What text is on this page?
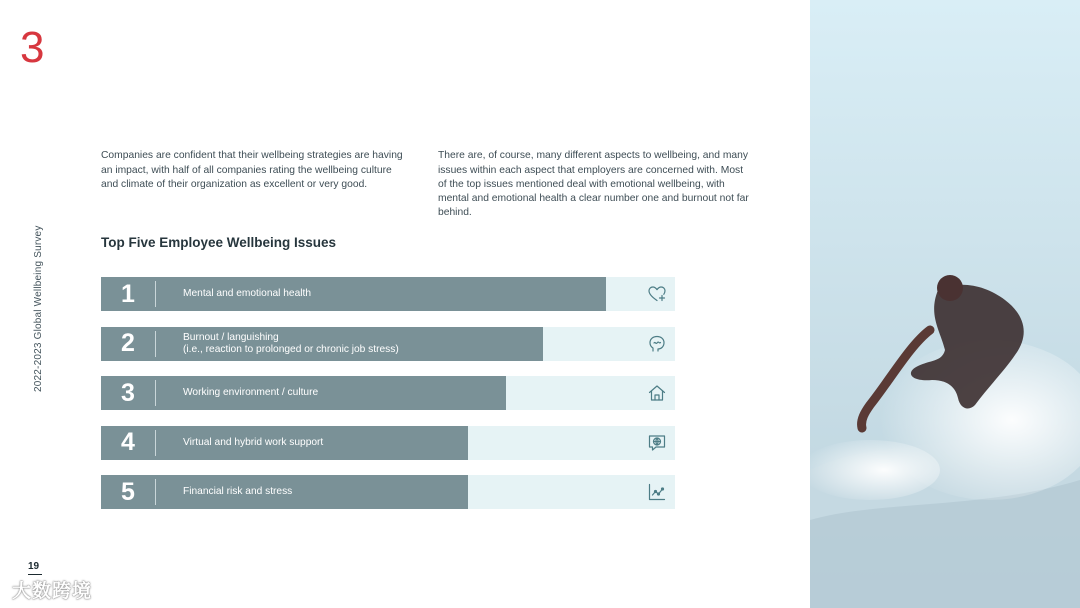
3
2022-2023 Global Wellbeing Survey

Companies are confident that their wellbeing strategies are having an impact, with half of all companies rating the wellbeing culture and climate of their organization as excellent or very good.

There are, of course, many different aspects to wellbeing, and many issues within each aspect that employers are concerned with. Most of the top issues mentioned deal with emotional wellbeing, with mental and emotional health a clear number one and burnout not far behind.

Top Five Employee Wellbeing Issues
1	Mental and emotional health
2	Burnout / languishing
(i.e., reaction to prolonged or chronic job stress)
3	Working environment / culture
4	Virtual and hybrid work support
5	Financial risk and stress
19
大数跨境
